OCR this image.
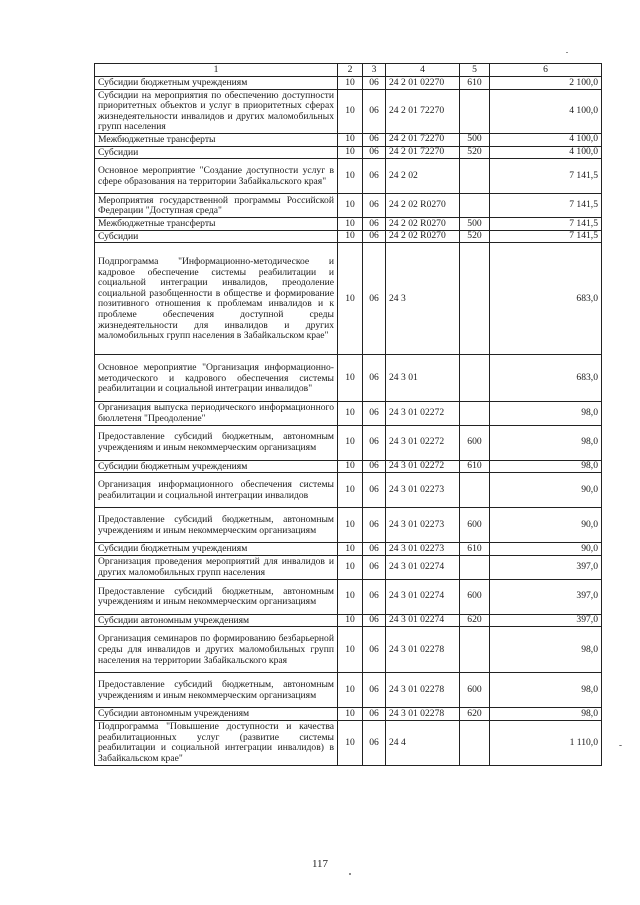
1	2	3	4	5	6
Субсидии бюджетным учреждениям	10	06	24 2 01 02270	610	2 100,0
Субсидии на мероприятия по обеспечению доступности приоритетных объектов и услуг в приоритетных сферах жизнедеятельности инвалидов и других маломобильных групп населения	10	06	24 2 01 72270		4 100,0
Межбюджетные трансферты	10	06	24 2 01 72270	500	4 100,0
Субсидии	10	06	24 2 01 72270	520	4 100,0
Основное мероприятие "Создание доступности услуг в сфере образования на территории Забайкальского края"	10	06	24 2 02		7 141,5
Мероприятия государственной программы Российской Федерации "Доступная среда"	10	06	24 2 02 R0270		7 141,5
Межбюджетные трансферты	10	06	24 2 02 R0270	500	7 141,5
Субсидии	10	06	24 2 02 R0270	520	7 141,5
Подпрограмма "Информационно-методическое и кадровое обеспечение системы реабилитации и социальной интеграции инвалидов, преодоление социальной разобщенности в обществе и формирование позитивного отношения к проблемам инвалидов и к проблеме обеспечения доступной среды жизнедеятельности для инвалидов и других маломобильных групп населения в Забайкальском крае"	10	06	24 3		683,0
Основное мероприятие "Организация информационно-методического и кадрового обеспечения системы реабилитации и социальной интеграции инвалидов"	10	06	24 3 01		683,0
Организация выпуска периодического информационного бюллетеня "Преодоление"	10	06	24 3 01 02272		98,0
Предоставление субсидий бюджетным, автономным учреждениям и иным некоммерческим организациям	10	06	24 3 01 02272	600	98,0
Субсидии бюджетным учреждениям	10	06	24 3 01 02272	610	98,0
Организация информационного обеспечения системы реабилитации и социальной интеграции инвалидов	10	06	24 3 01 02273		90,0
Предоставление субсидий бюджетным, автономным учреждениям и иным некоммерческим организациям	10	06	24 3 01 02273	600	90,0
Субсидии бюджетным учреждениям	10	06	24 3 01 02273	610	90,0
Организация проведения мероприятий для инвалидов и других маломобильных групп населения	10	06	24 3 01 02274		397,0
Предоставление субсидий бюджетным, автономным учреждениям и иным некоммерческим организациям	10	06	24 3 01 02274	600	397,0
Субсидии автономным учреждениям	10	06	24 3 01 02274	620	397,0
Организация семинаров по формированию безбарьерной среды для инвалидов и других маломобильных групп населения на территории Забайкальского края	10	06	24 3 01 02278		98,0
Предоставление субсидий бюджетным, автономным учреждениям и иным некоммерческим организациям	10	06	24 3 01 02278	600	98,0
Субсидии автономным учреждениям	10	06	24 3 01 02278	620	98,0
Подпрограмма "Повышение доступности и качества реабилитационных услуг (развитие системы реабилитации и социальной интеграции инвалидов) в Забайкальском крае"	10	06	24 4		1 110,0
117
